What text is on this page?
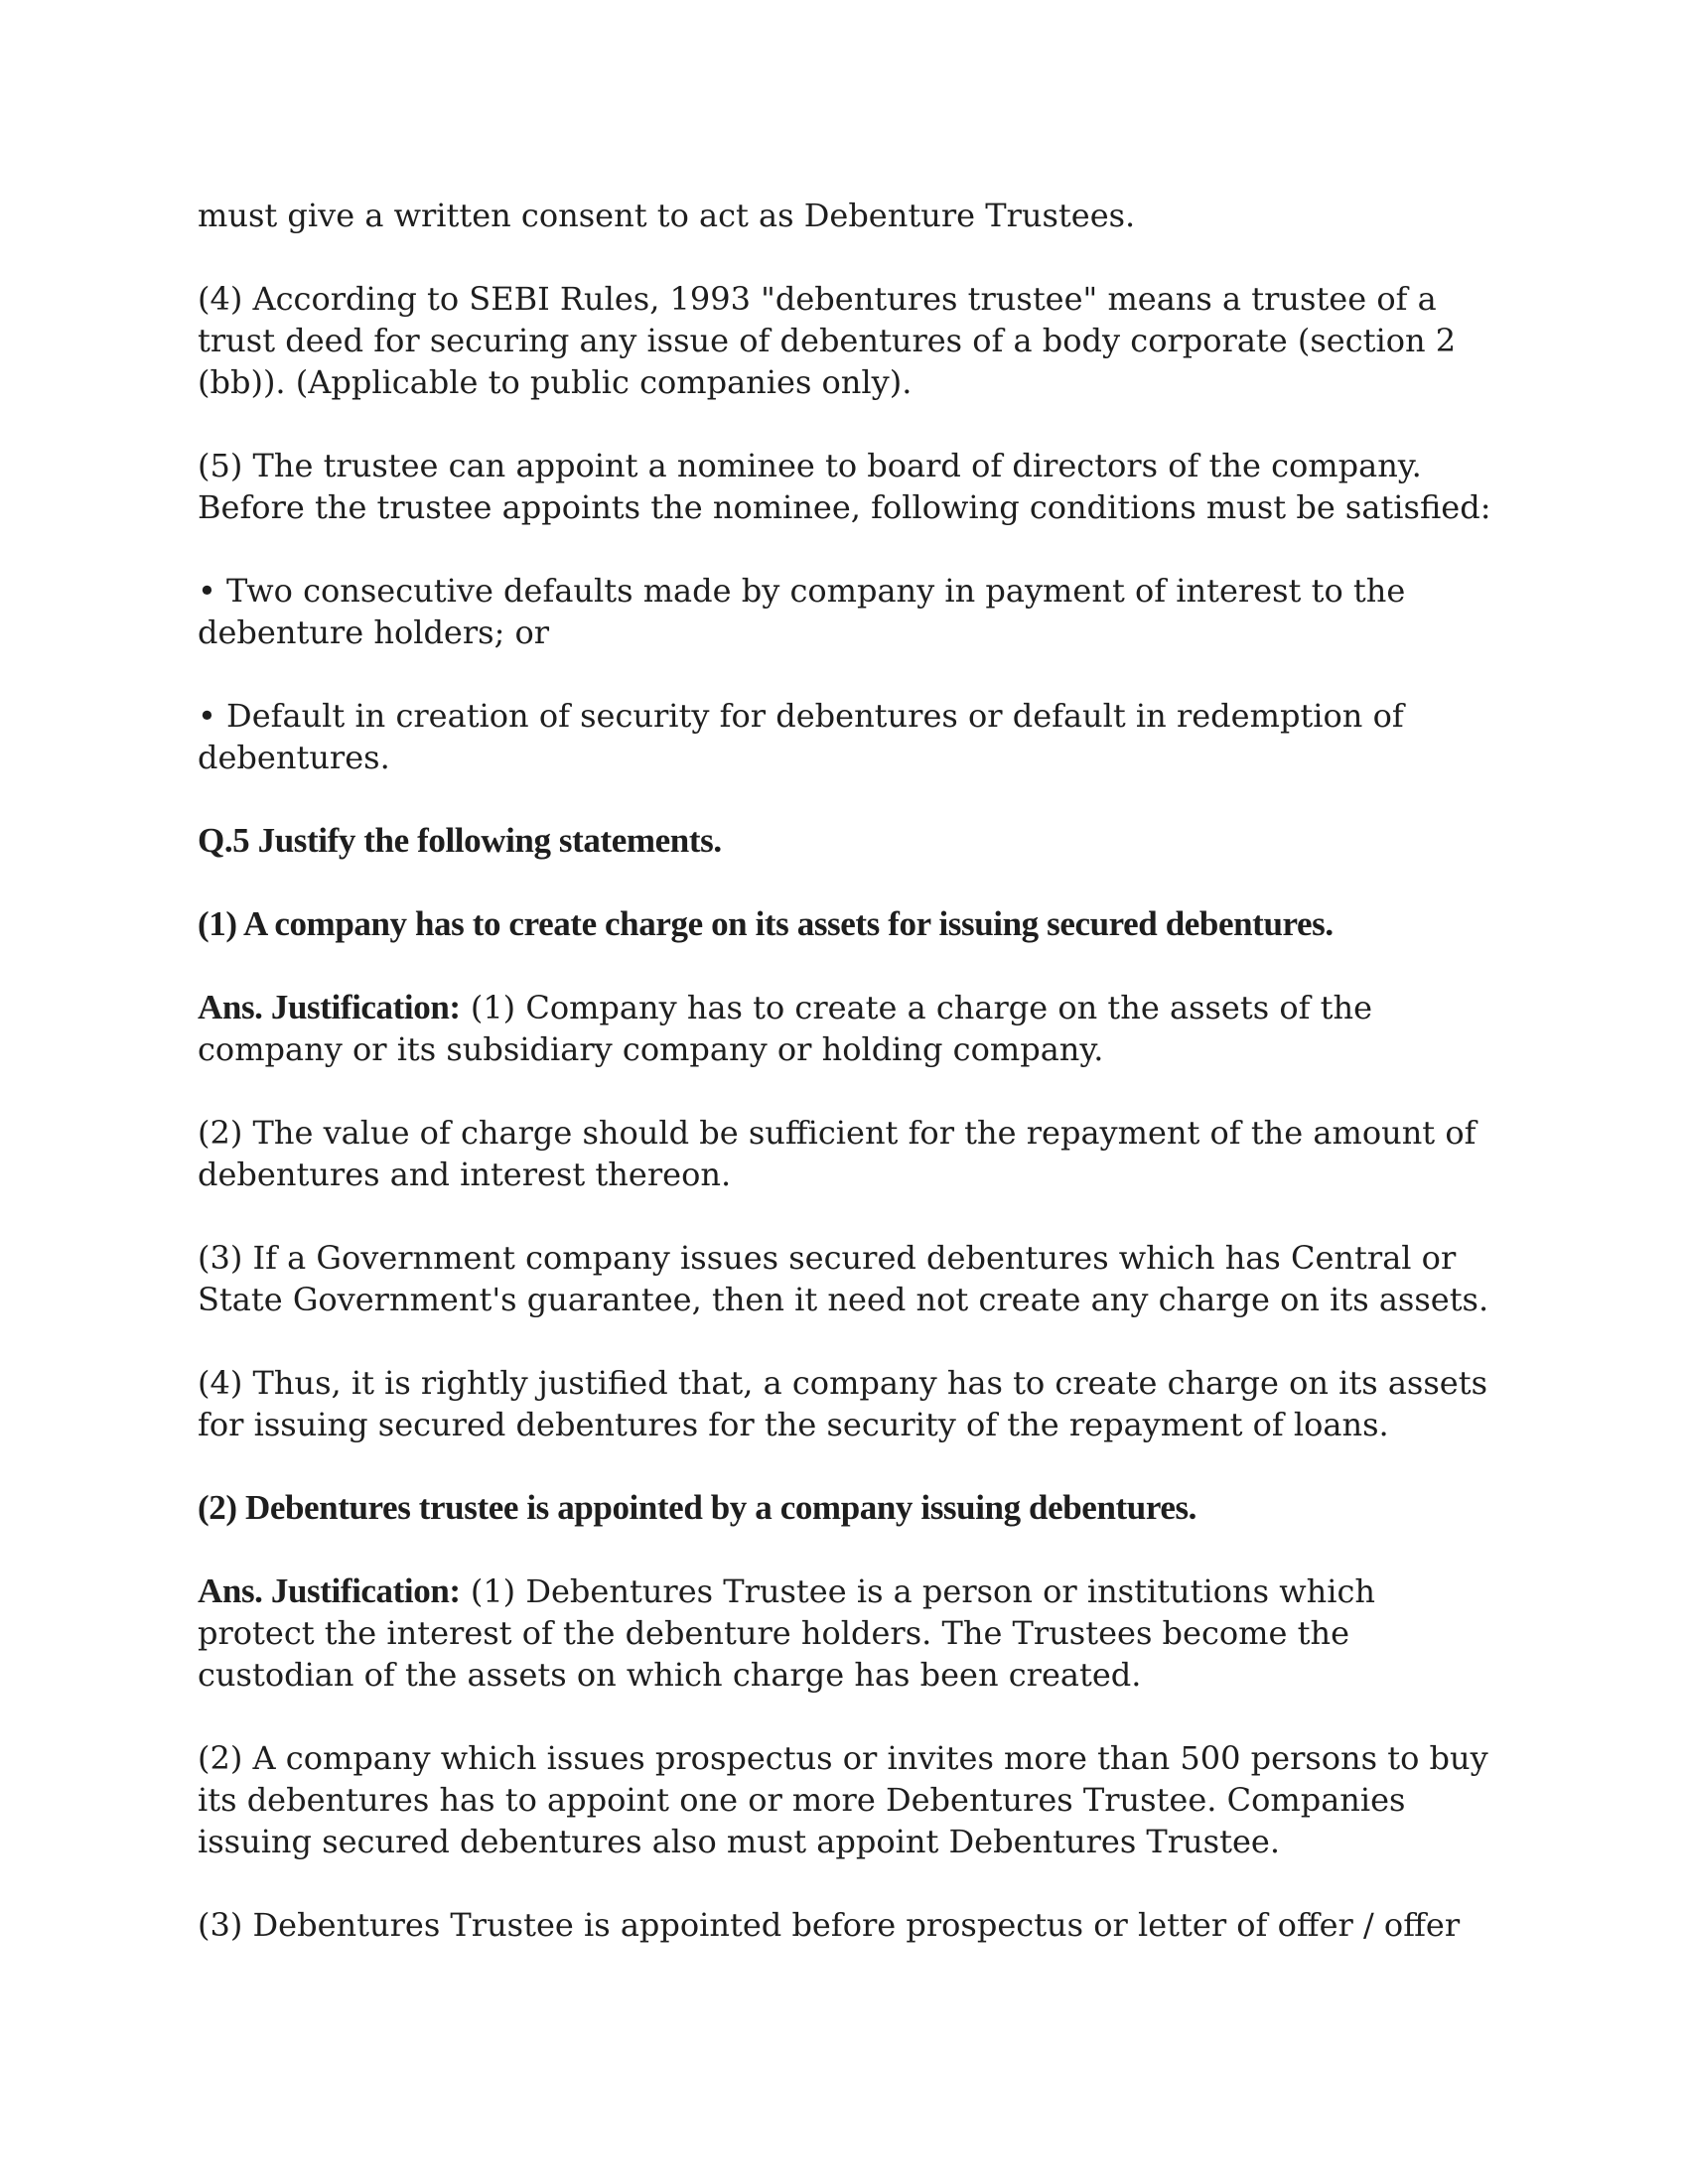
must give a written consent to act as Debenture Trustees.

(4) According to SEBI Rules, 1993 "debentures trustee" means a trustee of a trust deed for securing any issue of debentures of a body corporate (section 2 (bb)). (Applicable to public companies only).

(5) The trustee can appoint a nominee to board of directors of the company. Before the trustee appoints the nominee, following conditions must be satisfied:

• Two consecutive defaults made by company in payment of interest to the debenture holders; or

• Default in creation of security for debentures or default in redemption of debentures.

Q.5 Justify the following statements.

(1) A company has to create charge on its assets for issuing secured debentures.

Ans. Justification: (1) Company has to create a charge on the assets of the company or its subsidiary company or holding company.

(2) The value of charge should be sufficient for the repayment of the amount of debentures and interest thereon.

(3) If a Government company issues secured debentures which has Central or State Government's guarantee, then it need not create any charge on its assets.

(4) Thus, it is rightly justified that, a company has to create charge on its assets for issuing secured debentures for the security of the repayment of loans.

(2) Debentures trustee is appointed by a company issuing debentures.

Ans. Justification: (1) Debentures Trustee is a person or institutions which protect the interest of the debenture holders. The Trustees become the custodian of the assets on which charge has been created.

(2) A company which issues prospectus or invites more than 500 persons to buy its debentures has to appoint one or more Debentures Trustee. Companies issuing secured debentures also must appoint Debentures Trustee.

(3) Debentures Trustee is appointed before prospectus or letter of offer / offer
